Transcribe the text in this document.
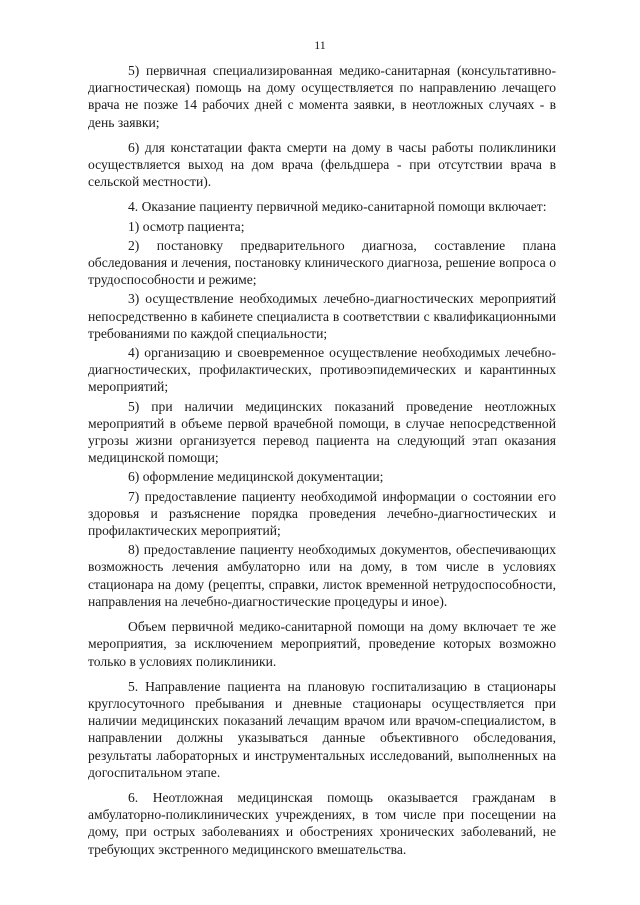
11

5) первичная специализированная медико-санитарная (консультативно-диагностическая) помощь на дому осуществляется по направлению лечащего врача не позже 14 рабочих дней с момента заявки, в неотложных случаях - в день заявки;

6) для констатации факта смерти на дому в часы работы поликлиники осуществляется выход на дом врача (фельдшера - при отсутствии врача в сельской местности).

4. Оказание пациенту первичной медико-санитарной помощи включает:

1) осмотр пациента;

2) постановку предварительного диагноза, составление плана обследования и лечения, постановку клинического диагноза, решение вопроса о трудоспособности и режиме;

3) осуществление необходимых лечебно-диагностических мероприятий непосредственно в кабинете специалиста в соответствии с квалификационными требованиями по каждой специальности;

4) организацию и своевременное осуществление необходимых лечебно-диагностических, профилактических, противоэпидемических и карантинных мероприятий;

5) при наличии медицинских показаний проведение неотложных мероприятий в объеме первой врачебной помощи, в случае непосредственной угрозы жизни организуется перевод пациента на следующий этап оказания медицинской помощи;

6) оформление медицинской документации;

7) предоставление пациенту необходимой информации о состоянии его здоровья и разъяснение порядка проведения лечебно-диагностических и профилактических мероприятий;

8) предоставление пациенту необходимых документов, обеспечивающих возможность лечения амбулаторно или на дому, в том числе в условиях стационара на дому (рецепты, справки, листок временной нетрудоспособности, направления на лечебно-диагностические процедуры и иное).

Объем первичной медико-санитарной помощи на дому включает те же мероприятия, за исключением мероприятий, проведение которых возможно только в условиях поликлиники.

5. Направление пациента на плановую госпитализацию в стационары круглосуточного пребывания и дневные стационары осуществляется при наличии медицинских показаний лечащим врачом или врачом-специалистом, в направлении должны указываться данные объективного обследования, результаты лабораторных и инструментальных исследований, выполненных на догоспитальном этапе.

6. Неотложная медицинская помощь оказывается гражданам в амбулаторно-поликлинических учреждениях, в том числе при посещении на дому, при острых заболеваниях и обострениях хронических заболеваний, не требующих экстренного медицинского вмешательства.
